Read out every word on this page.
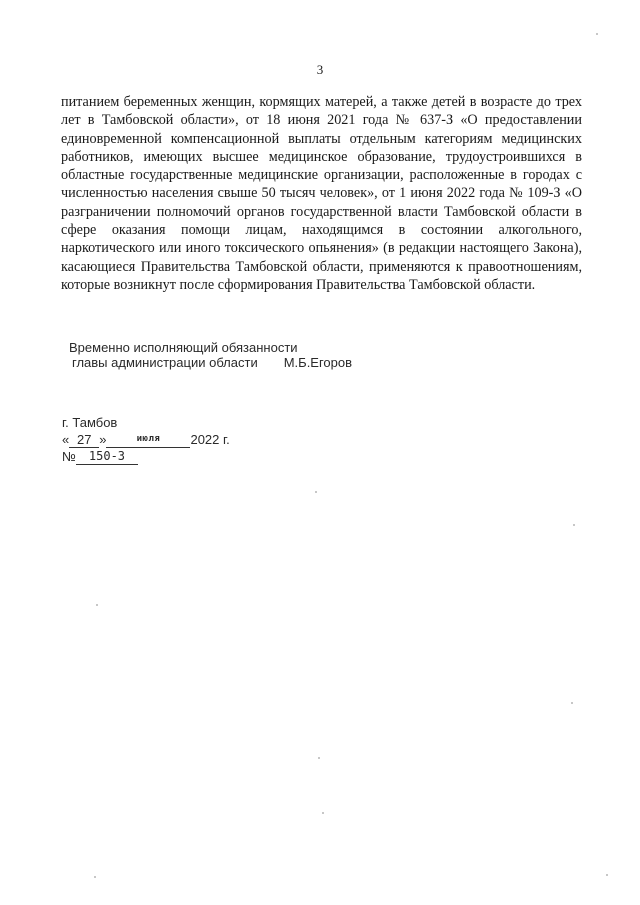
3

питанием беременных женщин, кормящих матерей, а также детей в возрасте до трех лет в Тамбовской области», от 18 июня 2021 года № 637-З «О предоставлении единовременной компенсационной выплаты отдельным категориям медицинских работников, имеющих высшее медицинское образование, трудоустроившихся в областные государственные медицинские организации, расположенные в городах с численностью населения свыше 50 тысяч человек», от 1 июня 2022 года № 109-З «О разграничении полномочий органов государственной власти Тамбовской области в сфере оказания помощи лицам, находящимся в состоянии алкогольного, наркотического или иного токсического опьянения» (в редакции настоящего Закона), касающиеся Правительства Тамбовской области, применяются к правоотношениям, которые возникнут после сформирования Правительства Тамбовской области.

Временно исполняющий обязанности
главы администрации области М.Б.Егоров
г. Тамбов
« 27 »	июля 2022 г.
№ 150-З
